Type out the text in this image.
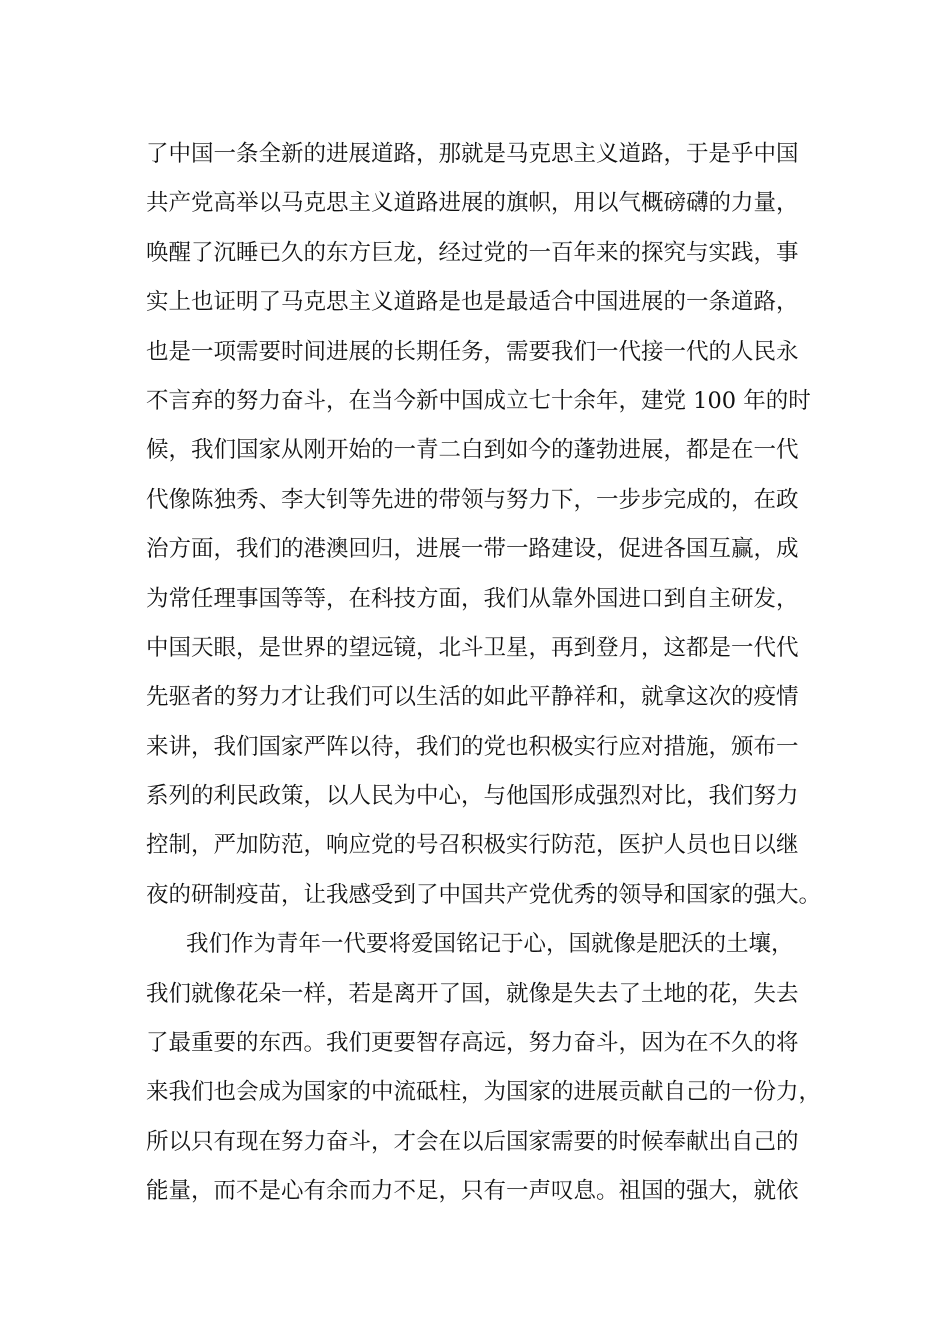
了中国一条全新的进展道路，那就是马克思主义道路，于是乎中国
共产党高举以马克思主义道路进展的旗帜，用以气概磅礴的力量，
唤醒了沉睡已久的东方巨龙，经过党的一百年来的探究与实践，事
实上也证明了马克思主义道路是也是最适合中国进展的一条道路，
也是一项需要时间进展的长期任务，需要我们一代接一代的人民永
不言弃的努力奋斗，在当今新中国成立七十余年，建党 100 年的时
候，我们国家从刚开始的一青二白到如今的蓬勃进展，都是在一代
代像陈独秀、李大钊等先进的带领与努力下，一步步完成的，在政
治方面，我们的港澳回归，进展一带一路建设，促进各国互赢，成
为常任理事国等等，在科技方面，我们从靠外国进口到自主研发，
中国天眼，是世界的望远镜，北斗卫星，再到登月，这都是一代代
先驱者的努力才让我们可以生活的如此平静祥和，就拿这次的疫情
来讲，我们国家严阵以待，我们的党也积极实行应对措施，颁布一
系列的利民政策，以人民为中心，与他国形成强烈对比，我们努力
控制，严加防范，响应党的号召积极实行防范，医护人员也日以继
夜的研制疫苗，让我感受到了中国共产党优秀的领导和国家的强大。
我们作为青年一代要将爱国铭记于心，国就像是肥沃的土壤，
我们就像花朵一样，若是离开了国，就像是失去了土地的花，失去
了最重要的东西。我们更要智存高远，努力奋斗，因为在不久的将
来我们也会成为国家的中流砥柱，为国家的进展贡献自己的一份力，
所以只有现在努力奋斗，才会在以后国家需要的时候奉献出自己的
能量，而不是心有余而力不足，只有一声叹息。祖国的强大，就依
